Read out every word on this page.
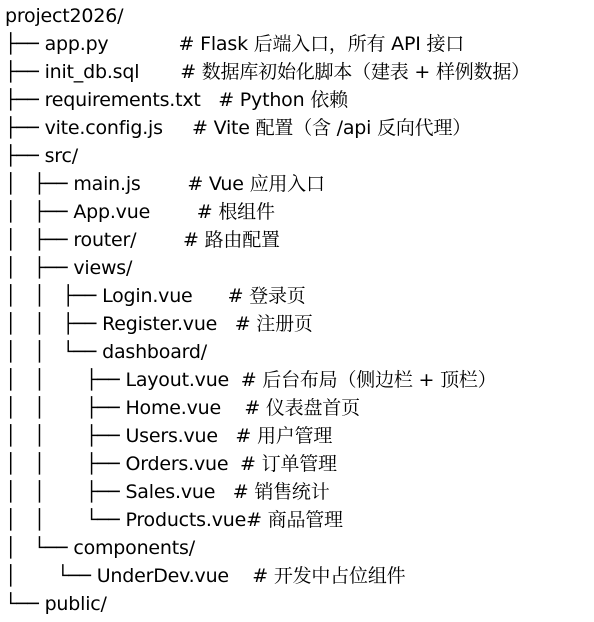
project2026/
├── app.py            # Flask 后端入口，所有 API 接口
├── init_db.sql       # 数据库初始化脚本（建表 + 样例数据）
├── requirements.txt   # Python 依赖
├── vite.config.js     # Vite 配置（含 /api 反向代理）
├── src/
│   ├── main.js        # Vue 应用入口
│   ├── App.vue        # 根组件
│   ├── router/        # 路由配置
│   ├── views/
│   │   ├── Login.vue      # 登录页
│   │   ├── Register.vue   # 注册页
│   │   └── dashboard/
│   │       ├── Layout.vue  # 后台布局（侧边栏 + 顶栏）
│   │       ├── Home.vue    # 仪表盘首页
│   │       ├── Users.vue   # 用户管理
│   │       ├── Orders.vue  # 订单管理
│   │       ├── Sales.vue   # 销售统计
│   │       └── Products.vue# 商品管理
│   └── components/
│       └── UnderDev.vue    # 开发中占位组件
└── public/
